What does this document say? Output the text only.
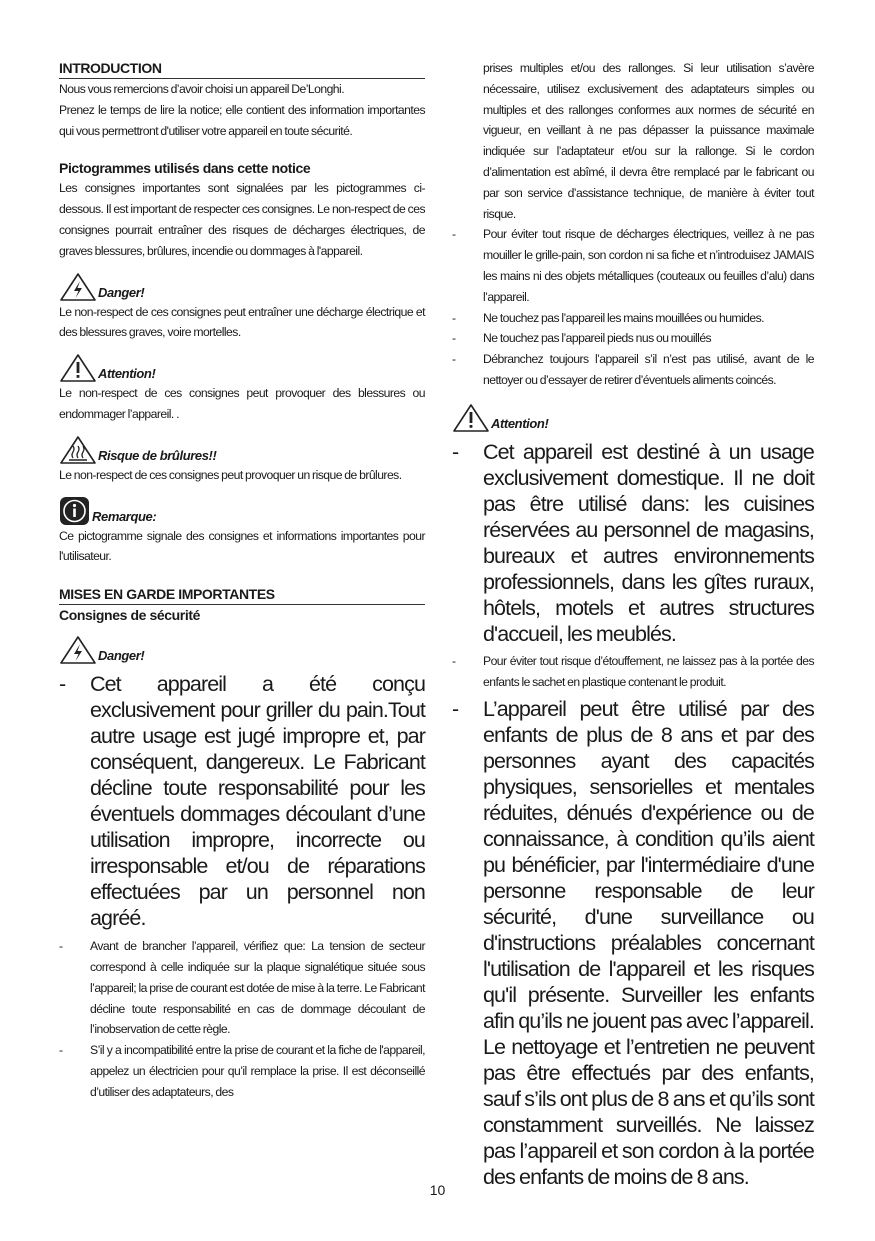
INTRODUCTION

Nous vous remercions d’avoir choisi un appareil De’Longhi.

Prenez le temps de lire la notice; elle contient des information importantes qui vous permettront d'utiliser votre appareil en toute sécurité.

Pictogrammes utilisés dans cette notice

Les consignes importantes sont signalées par les pictogrammes ci-dessous. Il est important de respecter ces consignes. Le non-respect de ces consignes pourrait entraîner des risques de décharges électriques, de graves blessures, brûlures, incendie ou dommages à l'appareil.

Danger!

Le non-respect de ces consignes peut entraîner une décharge électrique et des blessures graves, voire mortelles.

Attention!

Le non-respect de ces consignes peut provoquer des blessures ou endommager l’appareil. .

Risque de brûlures!!

Le non-respect de ces consignes peut provoquer un risque de brûlures.

Remarque:

Ce pictogramme signale des consignes et informations importantes pour l'utilisateur.

MISES EN GARDE IMPORTANTES
Consignes de sécurité
Danger!
- Cet appareil a été conçu exclusivement pour griller du pain.Tout autre usage est jugé impropre et, par conséquent, dangereux. Le Fabricant décline toute responsabilité pour les éventuels dommages découlant d’une utilisation impropre, incorrecte ou irresponsable et/ou de réparations effectuées par un personnel non agréé.
- Avant de brancher l’appareil, vérifiez que: La tension de secteur correspond à celle indiquée sur la plaque signalétique située sous l’appareil; la prise de courant est dotée de mise à la terre. Le Fabricant décline toute responsabilité en cas de dommage découlant de l’inobservation de cette règle.
- S’il y a incompatibilité entre la prise de courant et la fiche de l'appareil, appelez un électricien pour qu’il remplace la prise. Il est déconseillé d’utiliser des adaptateurs, des

prises multiples et/ou des rallonges. Si leur utilisation s’avère nécessaire, utilisez exclusivement des adaptateurs simples ou multiples et des rallonges conformes aux normes de sécurité en vigueur, en veillant à ne pas dépasser la puissance maximale indiquée sur l’adaptateur et/ou sur la rallonge. Si le cordon d’alimentation est abîmé, il devra être remplacé par le fabricant ou par son service d’assistance technique, de manière à éviter tout risque.

- Pour éviter tout risque de décharges électriques, veillez à ne pas mouiller le grille-pain, son cordon ni sa fiche et n’introduisez JAMAIS les mains ni des objets métalliques (couteaux ou feuilles d’alu) dans l’appareil.
- Ne touchez pas l’appareil les mains mouillées ou humides.
- Ne touchez pas l’appareil pieds nus ou mouillés
- Débranchez toujours l’appareil s’il n’est pas utilisé, avant de le nettoyer ou d’essayer de retirer d’éventuels aliments coincés.
Attention!
- Cet appareil est destiné à un usage exclusivement domestique. Il ne doit pas être utilisé dans: les cuisines réservées au personnel de magasins, bureaux et autres environnements professionnels, dans les gîtes ruraux, hôtels, motels et autres structures d'accueil, les meublés.
- Pour éviter tout risque d’étouffement, ne laissez pas à la portée des enfants le sachet en plastique contenant le produit.
- L’appareil peut être utilisé par des enfants de plus de 8 ans et par des personnes ayant des capacités physiques, sensorielles et mentales réduites, dénués d'expérience ou de connaissance, à condition qu’ils aient pu bénéficier, par l'intermédiaire d'une personne responsable de leur sécurité, d'une surveillance ou d'instructions préalables concernant l'utilisation de l'appareil et les risques qu'il présente. Surveiller les enfants afin qu’ils ne jouent pas avec l’appareil. Le nettoyage et l’entretien ne peuvent pas être effectués par des enfants, sauf s’ils ont plus de 8 ans et qu’ils sont constamment surveillés. Ne laissez pas l’appareil et son cordon à la portée des enfants de moins de 8 ans.
10
